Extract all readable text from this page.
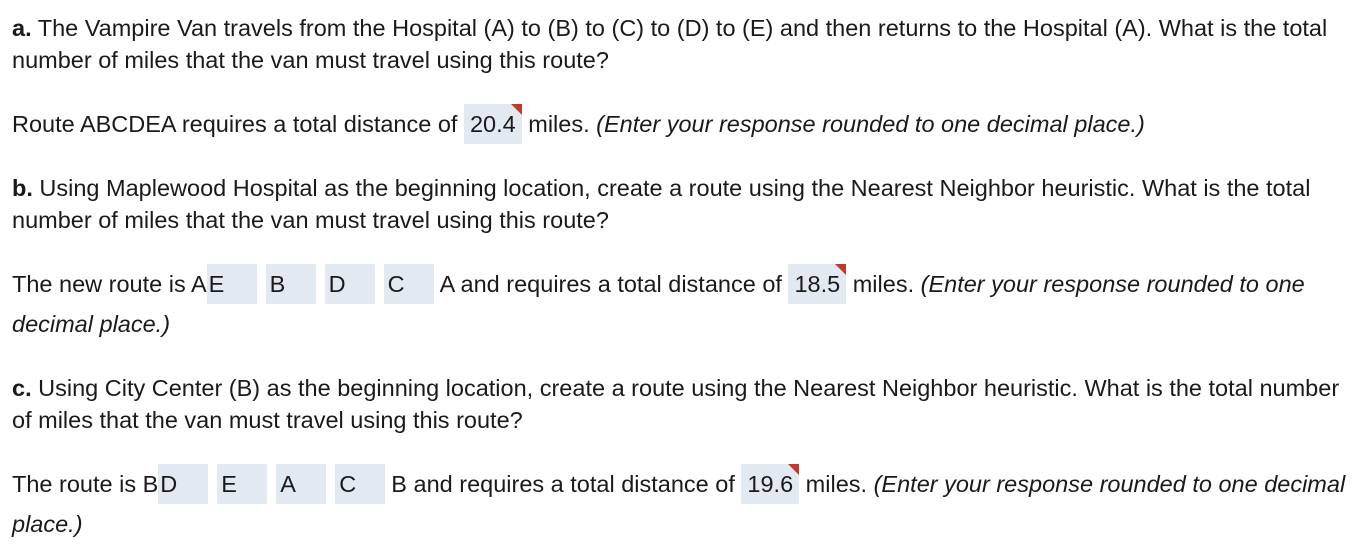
a. The Vampire Van travels from the Hospital (A) to (B) to (C) to (D) to (E) and then returns to the Hospital (A). What is the total number of miles that the van must travel using this route?

Route ABCDEA requires a total distance of 20.4
miles. (Enter your response rounded to one decimal place.)

b. Using Maplewood Hospital as the beginning location, create a route using the Nearest Neighbor heuristic. What is the total number of miles that the van must travel using this route?

The new route is AE B D C A and requires a total distance of 18.5
miles. (Enter your response rounded to one decimal place.)

c. Using City Center (B) as the beginning location, create a route using the Nearest Neighbor heuristic. What is the total number of miles that the van must travel using this route?

The route is BD E A C B and requires a total distance of 19.6
miles. (Enter your response rounded to one decimal place.)
